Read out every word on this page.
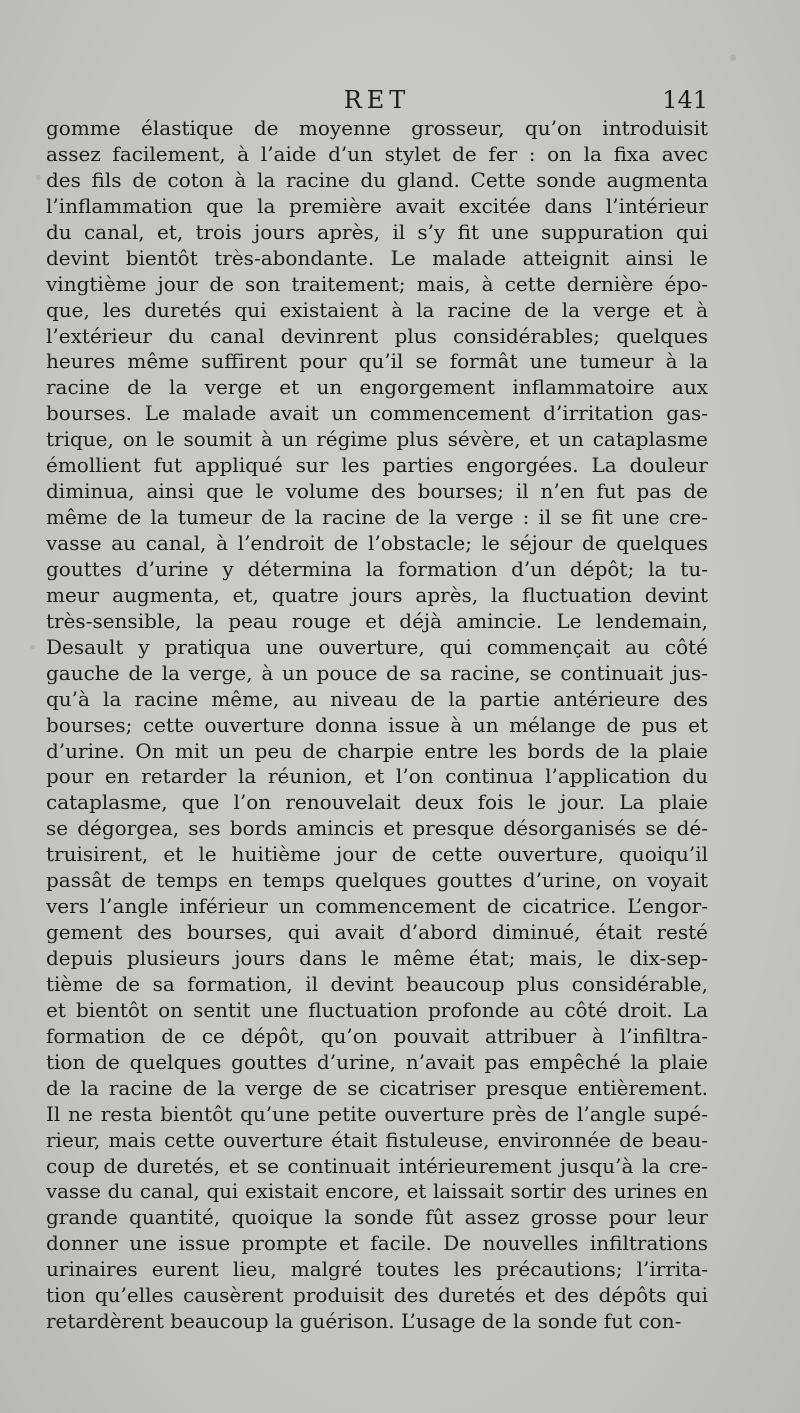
RET	141
gomme élastique de moyenne grosseur, qu’on introduisit
assez facilement, à l’aide d’un stylet de fer : on la fixa avec
des fils de coton à la racine du gland. Cette sonde augmenta
l’inflammation que la première avait excitée dans l’intérieur
du canal, et, trois jours après, il s’y fit une suppuration qui
devint bientôt très-abondante. Le malade atteignit ainsi le
vingtième jour de son traitement; mais, à cette dernière épo-
que, les duretés qui existaient à la racine de la verge et à
l’extérieur du canal devinrent plus considérables; quelques
heures même suffirent pour qu’il se formât une tumeur à la
racine de la verge et un engorgement inflammatoire aux
bourses. Le malade avait un commencement d’irritation gas-
trique, on le soumit à un régime plus sévère, et un cataplasme
émollient fut appliqué sur les parties engorgées. La douleur
diminua, ainsi que le volume des bourses; il n’en fut pas de
même de la tumeur de la racine de la verge : il se fit une cre-
vasse au canal, à l’endroit de l’obstacle; le séjour de quelques
gouttes d’urine y détermina la formation d’un dépôt; la tu-
meur augmenta, et, quatre jours après, la fluctuation devint
très-sensible, la peau rouge et déjà amincie. Le lendemain,
Desault y pratiqua une ouverture, qui commençait au côté
gauche de la verge, à un pouce de sa racine, se continuait jus-
qu’à la racine même, au niveau de la partie antérieure des
bourses; cette ouverture donna issue à un mélange de pus et
d’urine. On mit un peu de charpie entre les bords de la plaie
pour en retarder la réunion, et l’on continua l’application du
cataplasme, que l’on renouvelait deux fois le jour. La plaie
se dégorgea, ses bords amincis et presque désorganisés se dé-
truisirent, et le huitième jour de cette ouverture, quoiqu’il
passât de temps en temps quelques gouttes d’urine, on voyait
vers l’angle inférieur un commencement de cicatrice. L’engor-
gement des bourses, qui avait d’abord diminué, était resté
depuis plusieurs jours dans le même état; mais, le dix-sep-
tième de sa formation, il devint beaucoup plus considérable,
et bientôt on sentit une fluctuation profonde au côté droit. La
formation de ce dépôt, qu’on pouvait attribuer à l’infiltra-
tion de quelques gouttes d’urine, n’avait pas empêché la plaie
de la racine de la verge de se cicatriser presque entièrement.
Il ne resta bientôt qu’une petite ouverture près de l’angle supé-
rieur, mais cette ouverture était fistuleuse, environnée de beau-
coup de duretés, et se continuait intérieurement jusqu’à la cre-
vasse du canal, qui existait encore, et laissait sortir des urines en
grande quantité, quoique la sonde fût assez grosse pour leur
donner une issue prompte et facile. De nouvelles infiltrations
urinaires eurent lieu, malgré toutes les précautions; l’irrita-
tion qu’elles causèrent produisit des duretés et des dépôts qui
retardèrent beaucoup la guérison. L’usage de la sonde fut con-
